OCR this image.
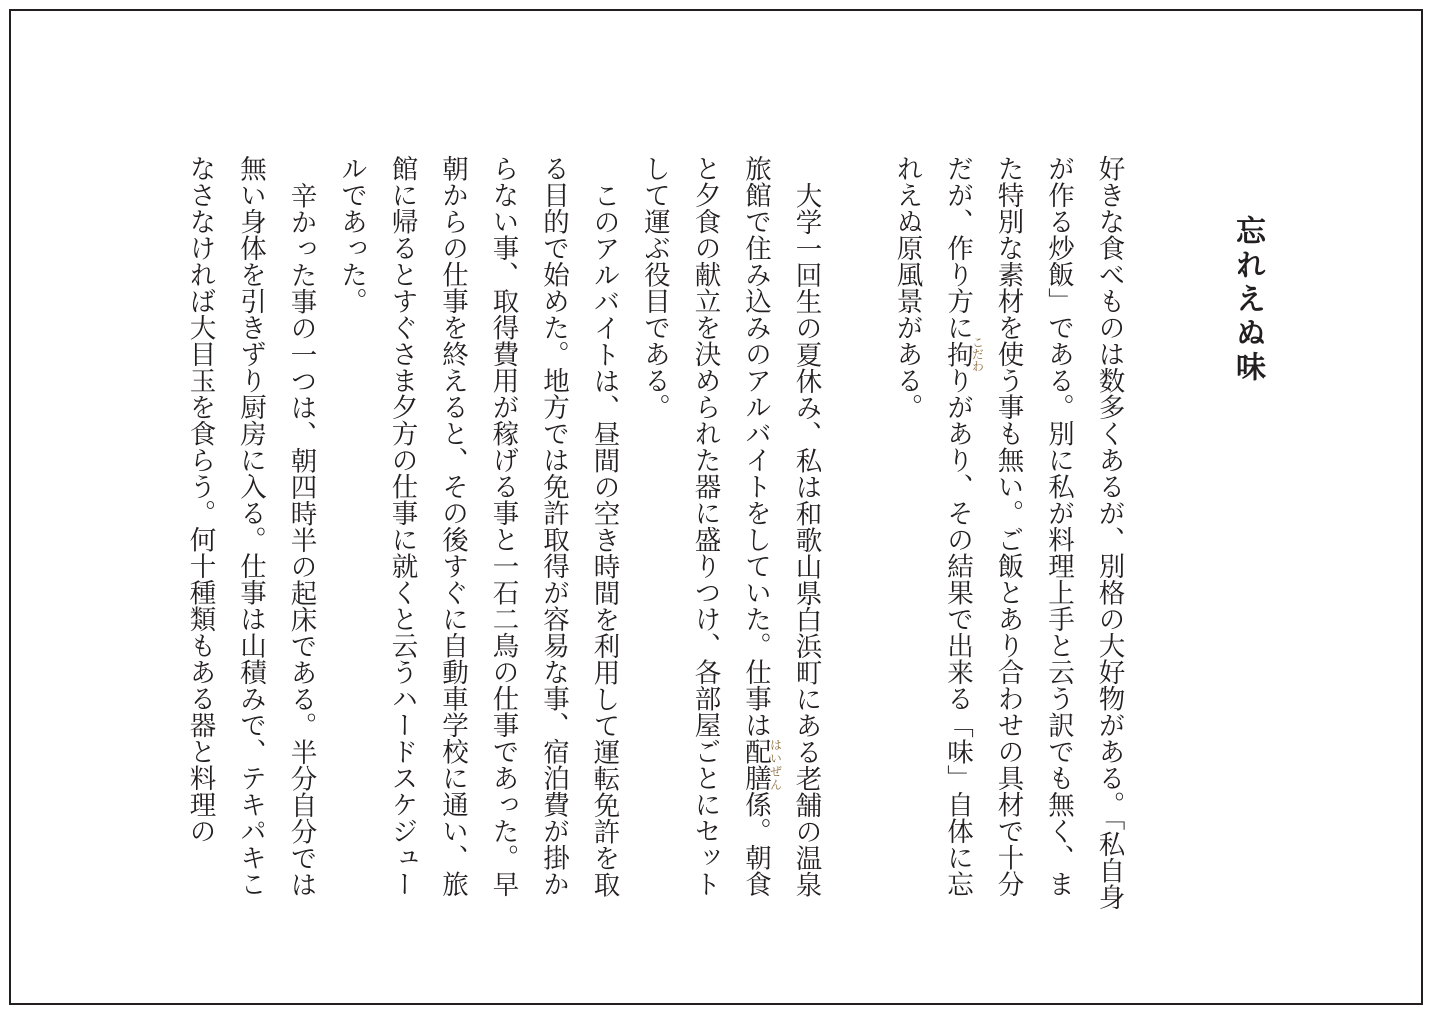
忘れえぬ味

好きな食べものは数多くあるが、別格の大好物がある。「私自身が作る炒飯」である。別に私が料理上手と云う訳でも無く、また特別な素材を使う事も無い。ご飯とあり合わせの具材で十分だが、作り方に拘こだわりがあり、その結果で出来る「味」自体に忘れえぬ原風景がある。

大学一回生の夏休み、私は和歌山県白浜町にある老舗の温泉旅館で住み込みのアルバイトをしていた。仕事は配膳はいぜん係。朝食と夕食の献立を決められた器に盛りつけ、各部屋ごとにセットして運ぶ役目である。

このアルバイトは、昼間の空き時間を利用して運転免許を取る目的で始めた。地方では免許取得が容易な事、宿泊費が掛からない事、取得費用が稼げる事と一石二鳥の仕事であった。早朝からの仕事を終えると、その後すぐに自動車学校に通い、旅館に帰るとすぐさま夕方の仕事に就くと云うハードスケジュールであった。

辛かった事の一つは、朝四時半の起床である。半分自分では無い身体を引きずり厨房に入る。仕事は山積みで、テキパキこなさなければ大目玉を食らう。何十種類もある器と料理の
